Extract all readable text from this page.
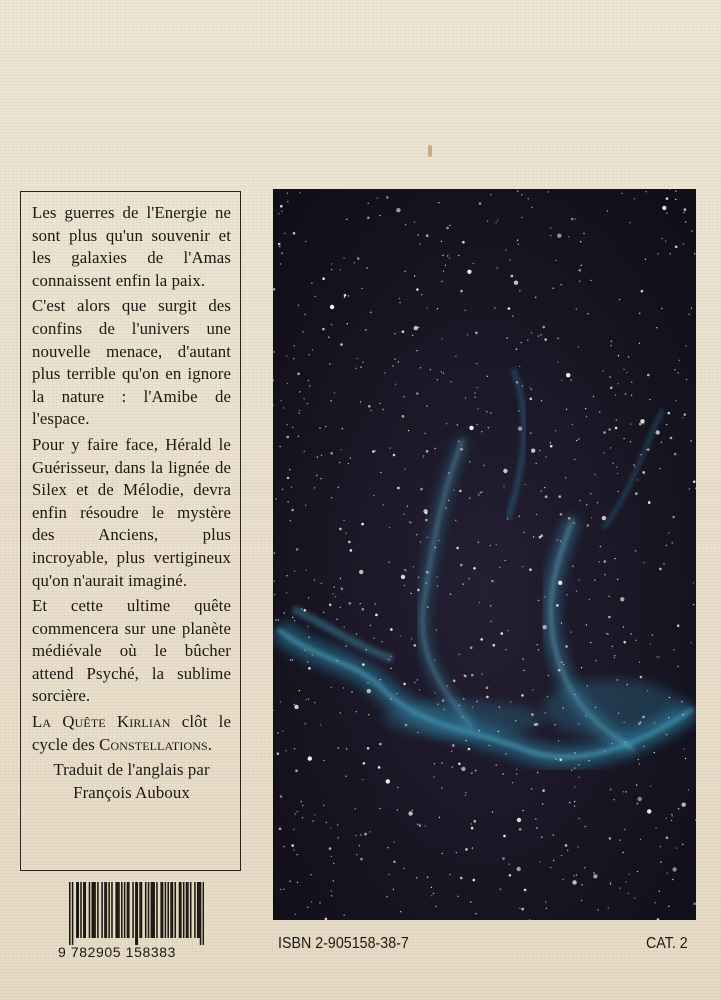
Les guerres de l'Energie ne sont plus qu'un souvenir et les galaxies de l'Amas connaissent enfin la paix.

C'est alors que surgit des confins de l'univers une nouvelle menace, d'autant plus terrible qu'on en ignore la nature : l'Amibe de l'espace.

Pour y faire face, Hérald le Guérisseur, dans la lignée de Silex et de Mélodie, devra enfin résoudre le mystère des Anciens, plus incroyable, plus vertigineux qu'on n'aurait imaginé.

Et cette ultime quête commencera sur une planète médiévale où le bûcher attend Psyché, la sublime sorcière.

La Quête Kirlian clôt le cycle des Constellations.

Traduit de l'anglais par
François Auboux

9 782905 158383	ISBN 2-905158-38-7	CAT. 2
